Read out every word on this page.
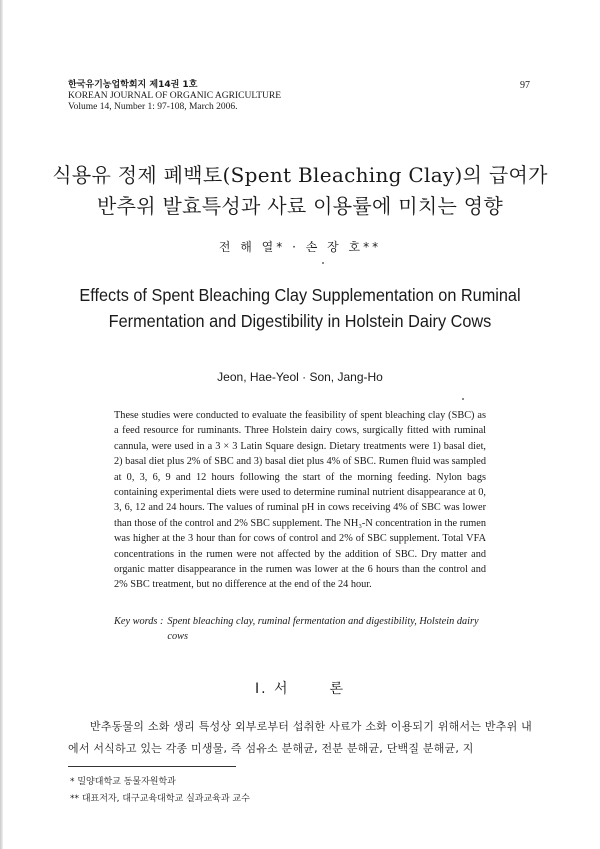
한국유기농업학회지 제14권 1호
KOREAN JOURNAL OF ORGANIC AGRICULTURE
Volume 14, Number 1: 97-108, March 2006.
97
식용유 정제 폐백토(Spent Bleaching Clay)의 급여가
반추위 발효특성과 사료 이용률에 미치는 영향
전 해 열* · 손 장 호**
Effects of Spent Bleaching Clay Supplementation on Ruminal
Fermentation and Digestibility in Holstein Dairy Cows
Jeon, Hae-Yeol · Son, Jang-Ho
These studies were conducted to evaluate the feasibility of spent bleaching clay (SBC) as a feed resource for ruminants. Three Holstein dairy cows, surgically fitted with ruminal cannula, were used in a 3 × 3 Latin Square design. Dietary treatments were 1) basal diet, 2) basal diet plus 2% of SBC and 3) basal diet plus 4% of SBC. Rumen fluid was sampled at 0, 3, 6, 9 and 12 hours following the start of the morning feeding. Nylon bags containing experimental diets were used to determine ruminal nutrient disappearance at 0, 3, 6, 12 and 24 hours. The values of ruminal pH in cows receiving 4% of SBC was lower than those of the control and 2% SBC supplement. The NH₃-N concentration in the rumen was higher at the 3 hour than for cows of control and 2% of SBC supplement. Total VFA concentrations in the rumen were not affected by the addition of SBC. Dry matter and organic matter disappearance in the rumen was lower at the 6 hours than the control and 2% SBC treatment, but no difference at the end of the 24 hour.
Key words : Spent bleaching clay, ruminal fermentation and digestibility, Holstein dairy cows
I. 서	론
반추동물의 소화 생리 특성상 외부로부터 섭취한 사료가 소화 이용되기 위해서는 반추위 내에서 서식하고 있는 각종 미생물, 즉 섬유소 분해균, 전분 분해균, 단백질 분해균, 지
* 밀양대학교 동물자원학과
** 대표저자, 대구교육대학교 실과교육과 교수
